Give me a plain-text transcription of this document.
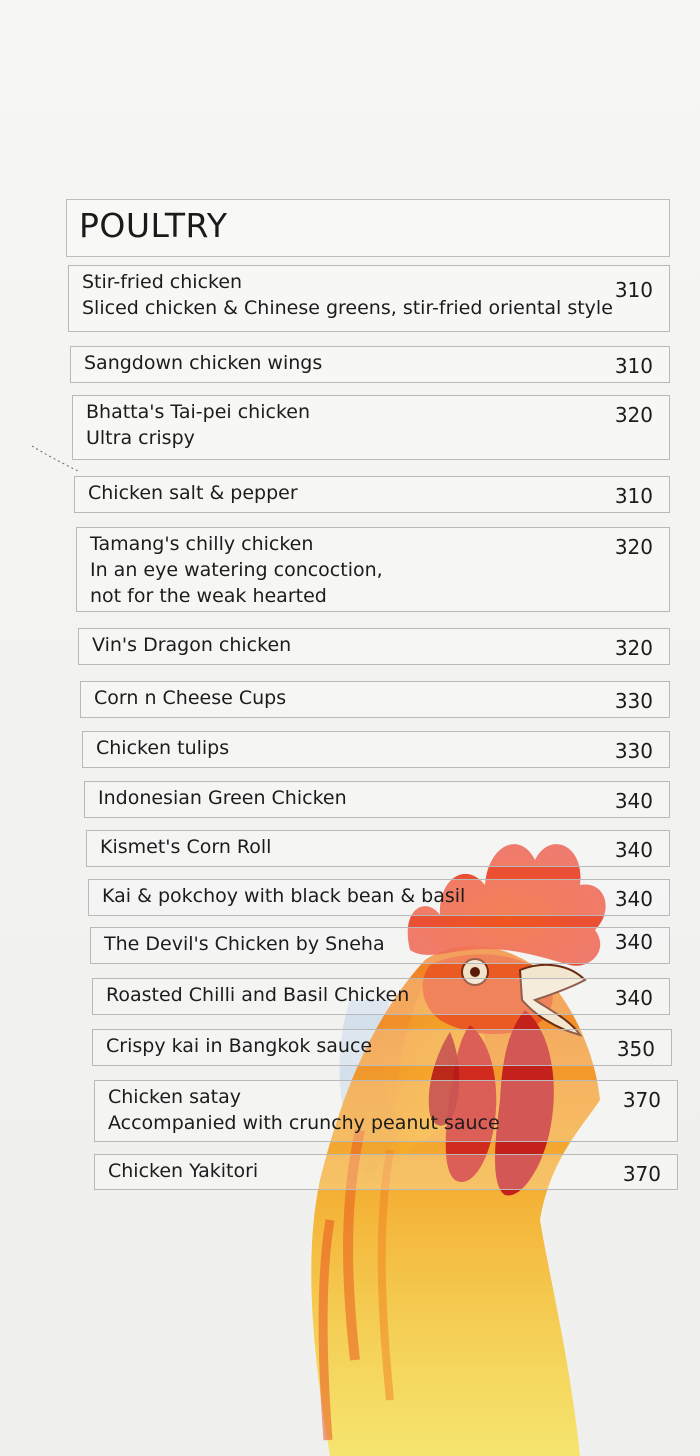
POULTRY
Stir-fried chicken
Sliced chicken & Chinese greens, stir-fried oriental style
310
Sangdown chicken wings	310
Bhatta's Tai-pei chicken
Ultra crispy
320
Chicken salt & pepper	310
Tamang's chilly chicken
In an eye watering concoction,
not for the weak hearted
320
Vin's Dragon chicken	320
Corn n Cheese Cups	330
Chicken tulips	330
Indonesian Green Chicken	340
Kismet's Corn Roll	340
Kai & pokchoy with black bean & basil	340
The Devil's Chicken by Sneha	340
Roasted Chilli and Basil Chicken	340
Crispy kai in Bangkok sauce	350
Chicken satay
Accompanied with crunchy peanut sauce
370
Chicken Yakitori	370
